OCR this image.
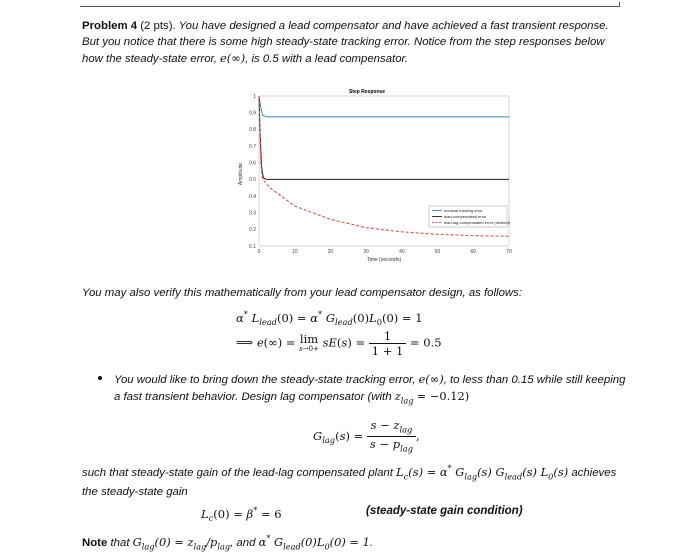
Problem 4 (2 pts). You have designed a lead compensator and have achieved a fast transient response. But you notice that there is some high steady-state tracking error. Notice from the step responses below how the steady-state error, e(∞), is 0.5 with a lead compensator.
Step Response
0	10	20	30	40	50	60	70
0.1
0.2
0.3
0.4
0.5
0.6
0.7
0.8
0.9
1
Time (seconds)
Amplitude
nominal tracking error
lead-compensated error
lead-lag-compensated error (desired)
You may also verify this mathematically from your lead compensator design, as follows:
α* $L_{lead}(0) = \alpha^*$ $G_{lead}(0)L_0(0) = 1$
⟹ e(∞) = lim
$s\to 0+ sE(s) = \frac{1}{1 + 1} = 0.5$
You would like to bring down the steady-state tracking error, e(∞), to less than 0.15 while still keeping a fast transient behavior. Design lag compensator (with $z_{lag} = -0.12$)
$G_{lag}(s) = \frac{s - z_{lag}}{s - p_{lag}}$ ,
such that steady-state gain of the lead-lag compensated plant $L_c(s) = \alpha^*$ $G_{lag}(s)$ $G_{lead}(s)$ $L_0(s)$ achieves the steady-state gain
$L_c(0) = \beta^* = 6$	(steady-state gain condition)
Note that $G_{lag}(0) = z_{lag}/p_{lag}$, and α* $G_{lead}(0)L_0(0) = 1$.
